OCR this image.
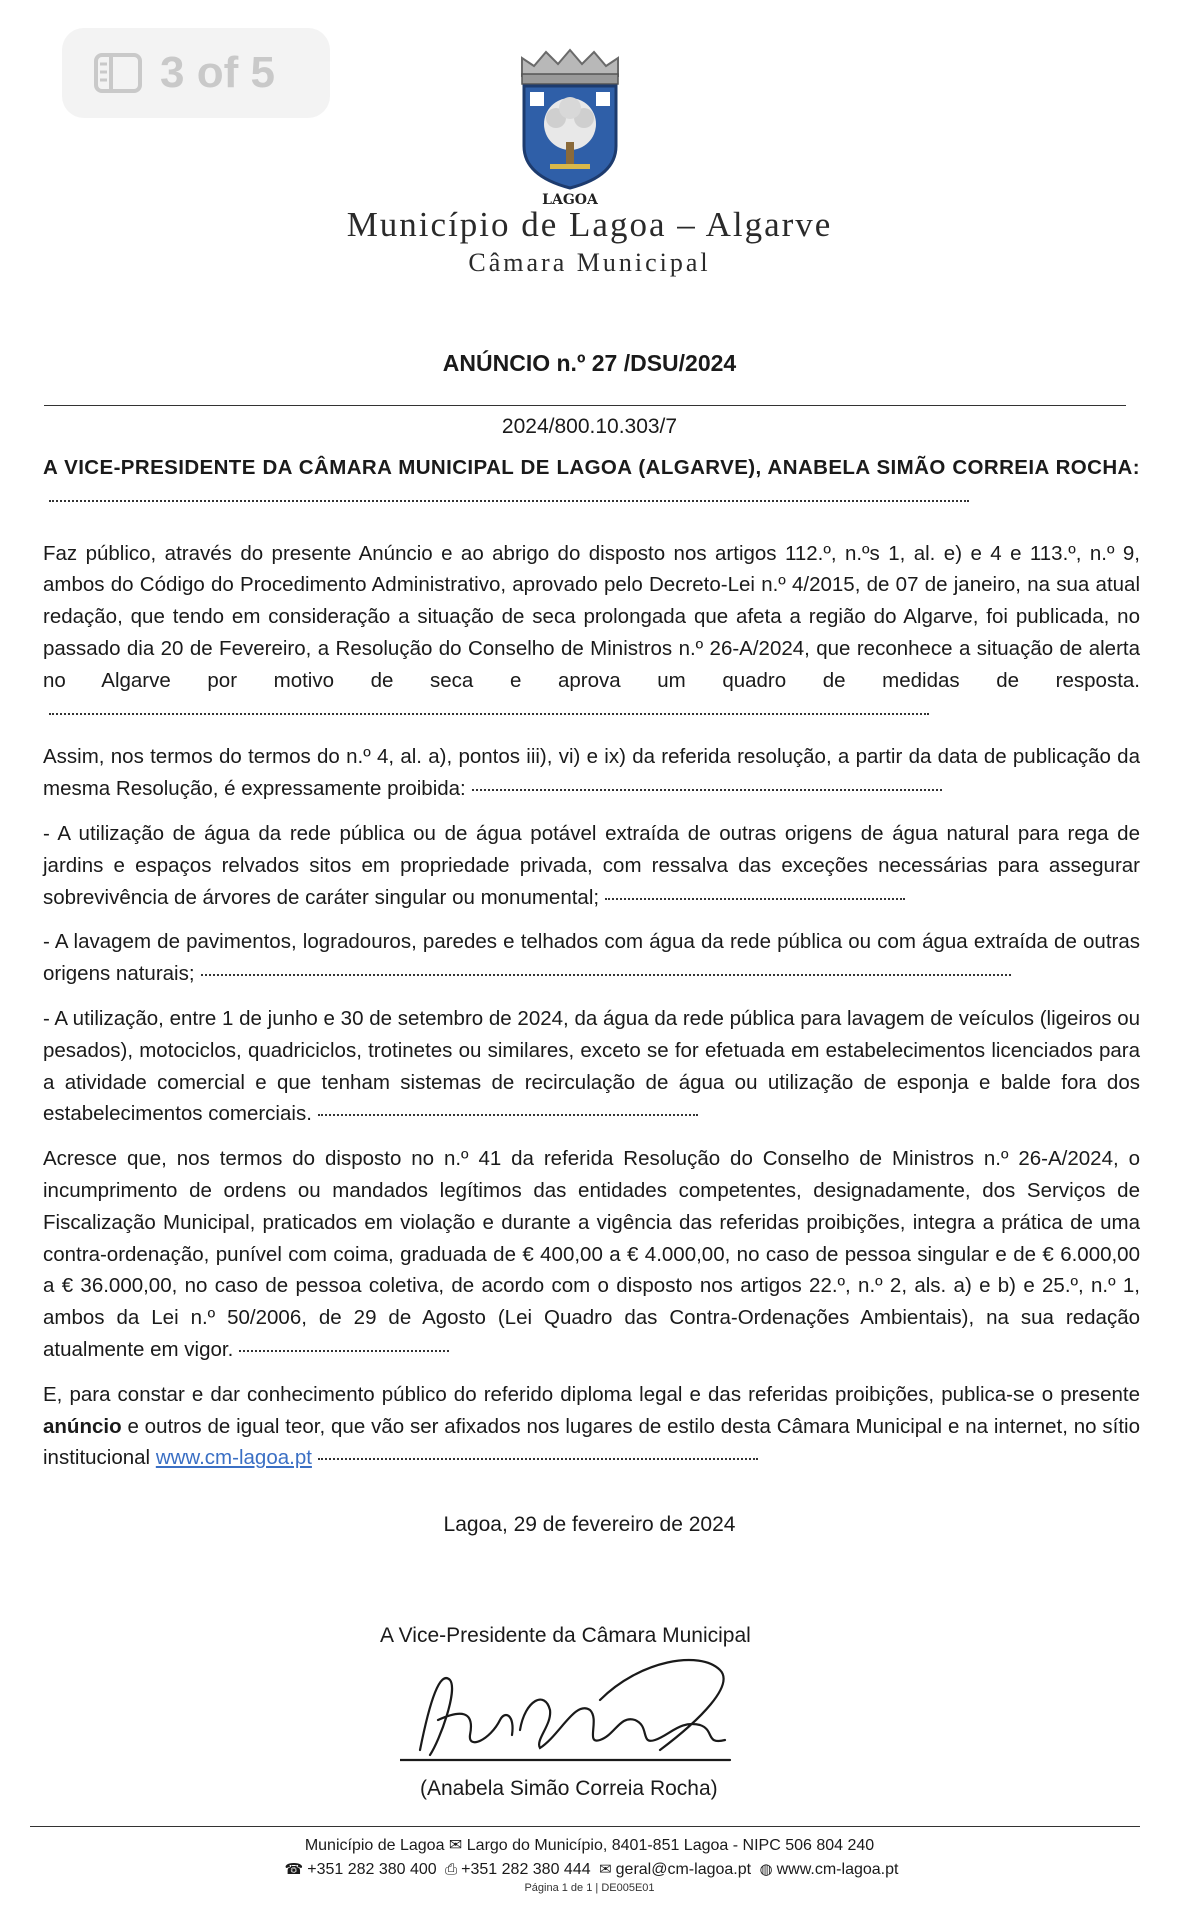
3 of 5
LAGOA
Município de Lagoa – Algarve
Câmara Municipal
ANÚNCIO n.º 27 /DSU/2024
2024/800.10.303/7

A VICE-PRESIDENTE DA CÂMARA MUNICIPAL DE LAGOA (ALGARVE), ANABELA SIMÃO CORREIA ROCHA:

Faz público, através do presente Anúncio e ao abrigo do disposto nos artigos 112.º, n.ºs 1, al. e) e 4 e 113.º, n.º 9, ambos do Código do Procedimento Administrativo, aprovado pelo Decreto-Lei n.º 4/2015, de 07 de janeiro, na sua atual redação, que tendo em consideração a situação de seca prolongada que afeta a região do Algarve, foi publicada, no passado dia 20 de Fevereiro, a Resolução do Conselho de Ministros n.º 26-A/2024, que reconhece a situação de alerta no Algarve por motivo de seca e aprova um quadro de medidas de resposta.

Assim, nos termos do termos do n.º 4, al. a), pontos iii), vi) e ix) da referida resolução, a partir da data de publicação da mesma Resolução, é expressamente proibida:

- A utilização de água da rede pública ou de água potável extraída de outras origens de água natural para rega de jardins e espaços relvados sitos em propriedade privada, com ressalva das exceções necessárias para assegurar sobrevivência de árvores de caráter singular ou monumental;

- A lavagem de pavimentos, logradouros, paredes e telhados com água da rede pública ou com água extraída de outras origens naturais;

- A utilização, entre 1 de junho e 30 de setembro de 2024, da água da rede pública para lavagem de veículos (ligeiros ou pesados), motociclos, quadriciclos, trotinetes ou similares, exceto se for efetuada em estabelecimentos licenciados para a atividade comercial e que tenham sistemas de recirculação de água ou utilização de esponja e balde fora dos estabelecimentos comerciais.

Acresce que, nos termos do disposto no n.º 41 da referida Resolução do Conselho de Ministros n.º 26-A/2024, o incumprimento de ordens ou mandados legítimos das entidades competentes, designadamente, dos Serviços de Fiscalização Municipal, praticados em violação e durante a vigência das referidas proibições, integra a prática de uma contra-ordenação, punível com coima, graduada de € 400,00 a € 4.000,00, no caso de pessoa singular e de € 6.000,00 a € 36.000,00, no caso de pessoa coletiva, de acordo com o disposto nos artigos 22.º, n.º 2, als. a) e b) e 25.º, n.º 1, ambos da Lei n.º 50/2006, de 29 de Agosto (Lei Quadro das Contra-Ordenações Ambientais), na sua redação atualmente em vigor.

E, para constar e dar conhecimento público do referido diploma legal e das referidas proibições, publica-se o presente anúncio e outros de igual teor, que vão ser afixados nos lugares de estilo desta Câmara Municipal e na internet, no sítio institucional www.cm-lagoa.pt

Lagoa, 29 de fevereiro de 2024
A Vice-Presidente da Câmara Municipal
(Anabela Simão Correia Rocha)
Município de Lagoa ✉ Largo do Município, 8401-851 Lagoa - NIPC 506 804 240
☎ +351 282 380 400 ⎙ +351 282 380 444 ✉ geral@cm-lagoa.pt ◍ www.cm-lagoa.pt
Página 1 de 1 | DE005E01
